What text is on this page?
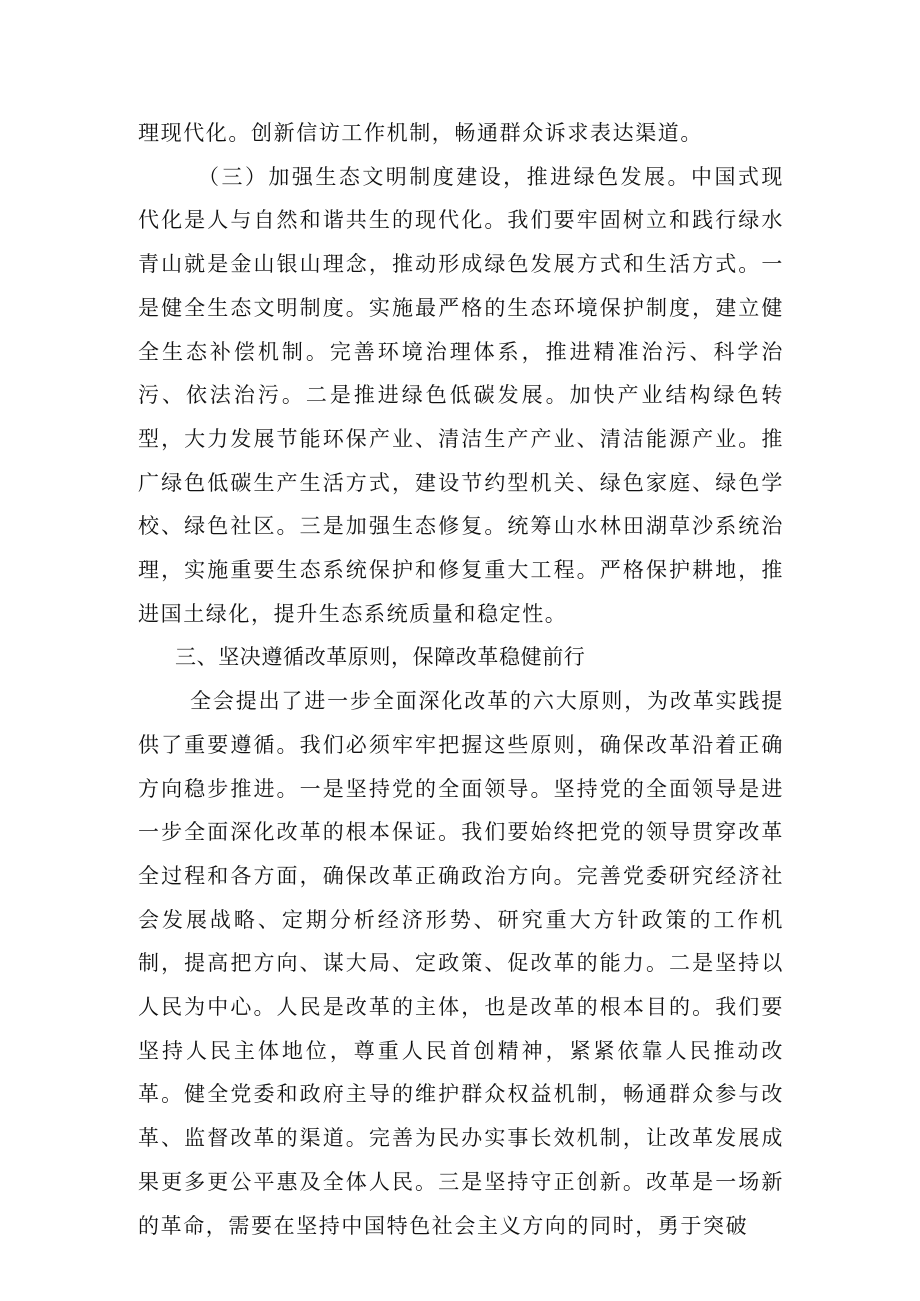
理现代化。创新信访工作机制，畅通群众诉求表达渠道。

（三）加强生态文明制度建设，推进绿色发展。中国式现代化是人与自然和谐共生的现代化。我们要牢固树立和践行绿水青山就是金山银山理念，推动形成绿色发展方式和生活方式。一是健全生态文明制度。实施最严格的生态环境保护制度，建立健全生态补偿机制。完善环境治理体系，推进精准治污、科学治污、依法治污。二是推进绿色低碳发展。加快产业结构绿色转型，大力发展节能环保产业、清洁生产产业、清洁能源产业。推广绿色低碳生产生活方式，建设节约型机关、绿色家庭、绿色学校、绿色社区。三是加强生态修复。统筹山水林田湖草沙系统治理，实施重要生态系统保护和修复重大工程。严格保护耕地，推进国土绿化，提升生态系统质量和稳定性。

三、坚决遵循改革原则，保障改革稳健前行

全会提出了进一步全面深化改革的六大原则，为改革实践提供了重要遵循。我们必须牢牢把握这些原则，确保改革沿着正确方向稳步推进。一是坚持党的全面领导。坚持党的全面领导是进一步全面深化改革的根本保证。我们要始终把党的领导贯穿改革全过程和各方面，确保改革正确政治方向。完善党委研究经济社会发展战略、定期分析经济形势、研究重大方针政策的工作机制，提高把方向、谋大局、定政策、促改革的能力。二是坚持以人民为中心。人民是改革的主体，也是改革的根本目的。我们要坚持人民主体地位，尊重人民首创精神，紧紧依靠人民推动改革。健全党委和政府主导的维护群众权益机制，畅通群众参与改革、监督改革的渠道。完善为民办实事长效机制，让改革发展成果更多更公平惠及全体人民。三是坚持守正创新。改革是一场新的革命，需要在坚持中国特色社会主义方向的同时，勇于突破
